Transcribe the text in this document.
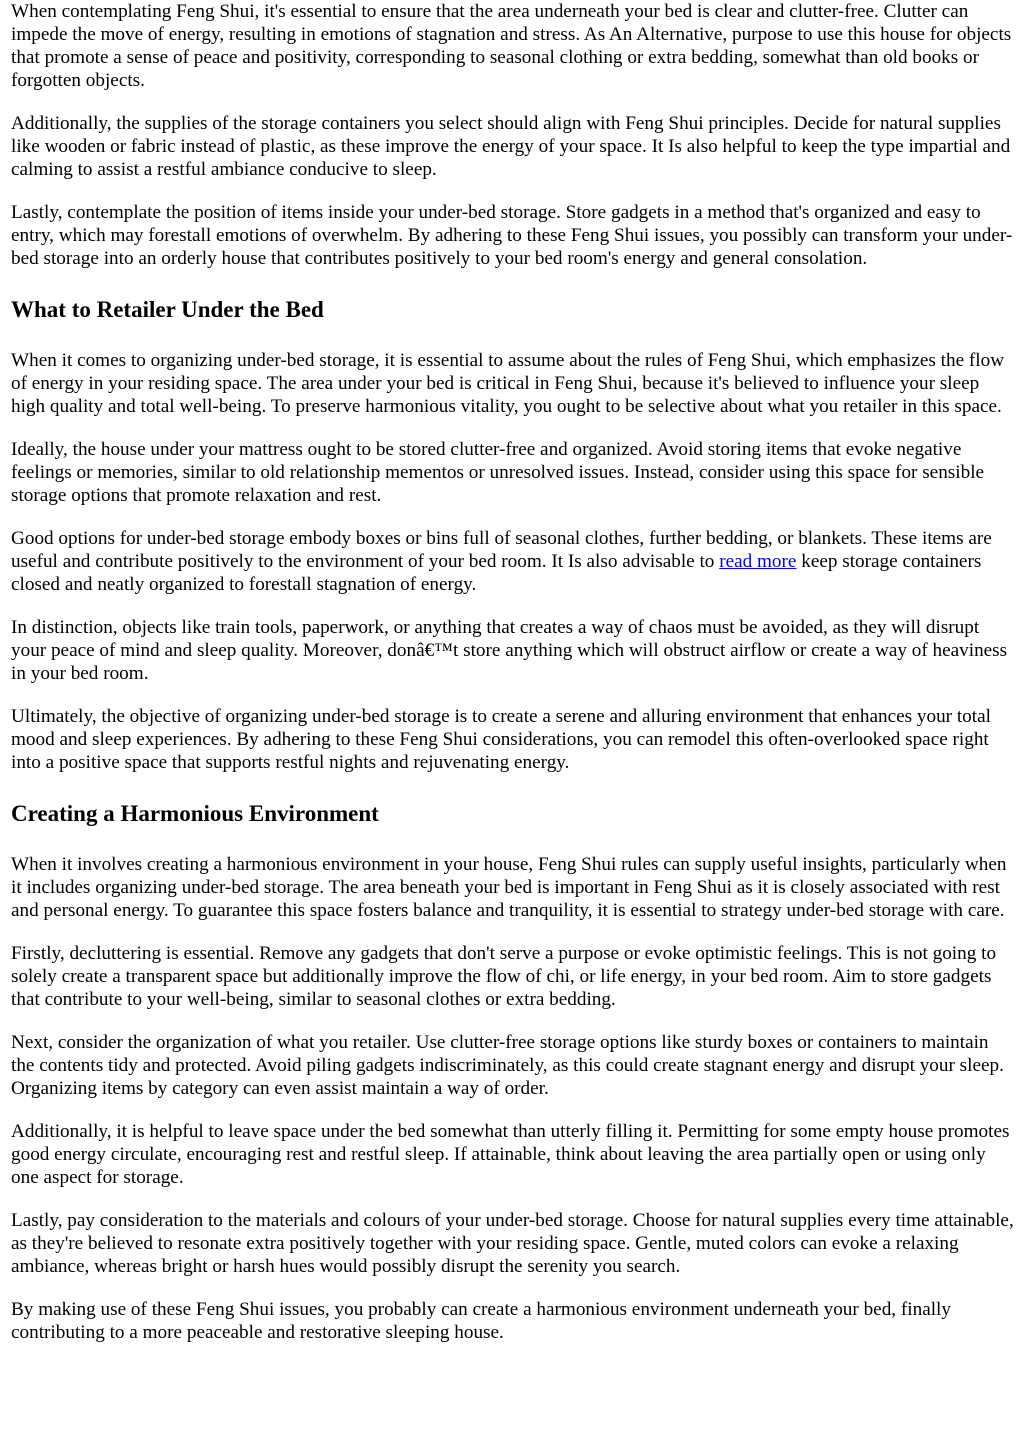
When contemplating Feng Shui, it's essential to ensure that the area underneath your bed is clear and clutter-free. Clutter can impede the move of energy, resulting in emotions of stagnation and stress. As An Alternative, purpose to use this house for objects that promote a sense of peace and positivity, corresponding to seasonal clothing or extra bedding, somewhat than old books or forgotten objects.

Additionally, the supplies of the storage containers you select should align with Feng Shui principles. Decide for natural supplies like wooden or fabric instead of plastic, as these improve the energy of your space. It Is also helpful to keep the type impartial and calming to assist a restful ambiance conducive to sleep.

Lastly, contemplate the position of items inside your under-bed storage. Store gadgets in a method that's organized and easy to entry, which may forestall emotions of overwhelm. By adhering to these Feng Shui issues, you possibly can transform your under-bed storage into an orderly house that contributes positively to your bed room's energy and general consolation.

What to Retailer Under the Bed

When it comes to organizing under-bed storage, it is essential to assume about the rules of Feng Shui, which emphasizes the flow of energy in your residing space. The area under your bed is critical in Feng Shui, because it's believed to influence your sleep high quality and total well-being. To preserve harmonious vitality, you ought to be selective about what you retailer in this space.

Ideally, the house under your mattress ought to be stored clutter-free and organized. Avoid storing items that evoke negative feelings or memories, similar to old relationship mementos or unresolved issues. Instead, consider using this space for sensible storage options that promote relaxation and rest.

Good options for under-bed storage embody boxes or bins full of seasonal clothes, further bedding, or blankets. These items are useful and contribute positively to the environment of your bed room. It Is also advisable to read more keep storage containers closed and neatly organized to forestall stagnation of energy.

In distinction, objects like train tools, paperwork, or anything that creates a way of chaos must be avoided, as they will disrupt your peace of mind and sleep quality. Moreover, donâ€™t store anything which will obstruct airflow or create a way of heaviness in your bed room.

Ultimately, the objective of organizing under-bed storage is to create a serene and alluring environment that enhances your total mood and sleep experiences. By adhering to these Feng Shui considerations, you can remodel this often-overlooked space right into a positive space that supports restful nights and rejuvenating energy.

Creating a Harmonious Environment

When it involves creating a harmonious environment in your house, Feng Shui rules can supply useful insights, particularly when it includes organizing under-bed storage. The area beneath your bed is important in Feng Shui as it is closely associated with rest and personal energy. To guarantee this space fosters balance and tranquility, it is essential to strategy under-bed storage with care.

Firstly, decluttering is essential. Remove any gadgets that don't serve a purpose or evoke optimistic feelings. This is not going to solely create a transparent space but additionally improve the flow of chi, or life energy, in your bed room. Aim to store gadgets that contribute to your well-being, similar to seasonal clothes or extra bedding.

Next, consider the organization of what you retailer. Use clutter-free storage options like sturdy boxes or containers to maintain the contents tidy and protected. Avoid piling gadgets indiscriminately, as this could create stagnant energy and disrupt your sleep. Organizing items by category can even assist maintain a way of order.

Additionally, it is helpful to leave space under the bed somewhat than utterly filling it. Permitting for some empty house promotes good energy circulate, encouraging rest and restful sleep. If attainable, think about leaving the area partially open or using only one aspect for storage.

Lastly, pay consideration to the materials and colours of your under-bed storage. Choose for natural supplies every time attainable, as they're believed to resonate extra positively together with your residing space. Gentle, muted colors can evoke a relaxing ambiance, whereas bright or harsh hues would possibly disrupt the serenity you search.

By making use of these Feng Shui issues, you probably can create a harmonious environment underneath your bed, finally contributing to a more peaceable and restorative sleeping house.
